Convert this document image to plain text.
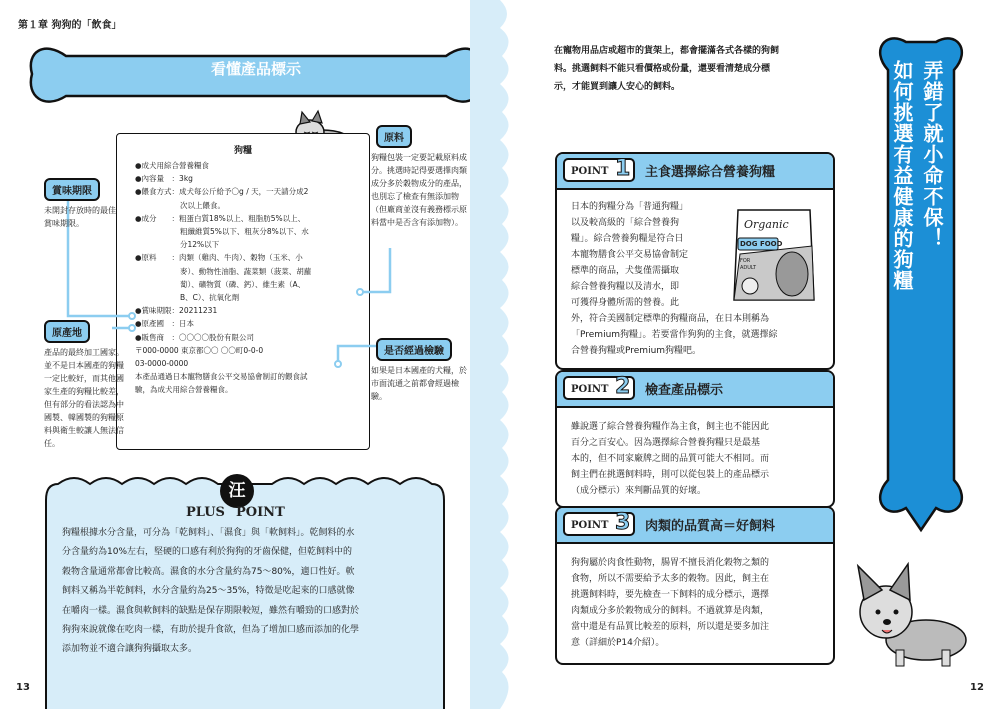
第１章 狗狗的「飲食」
看懂產品標示
狗糧
●成犬用綜合營養糧食
●內容量　：3kg
●餵食方式：成犬每公斤給予〇g / 天，一天請分成2
　　　　　　次以上餵食。
●成分　　：粗蛋白質18%以上、粗脂肪5%以上、
　　　　　　粗纖維質5%以下、粗灰分8%以下、水
　　　　　　分12%以下
●原料　　：肉類（雞肉、牛肉）、穀物（玉米、小
　　　　　　麥）、動物性油脂、蔬菜類（菠菜、胡蘿
　　　　　　蔔）、礦物質（磷、鈣）、維生素（A、
　　　　　　B、C）、抗氧化劑
●賞味期限：20211231
●原產國　：日本
●販售商　：〇〇〇〇股份有限公司
〒000-0000 東京都〇〇 〇〇町0-0-0
03-0000-0000
本產品通過日本寵物膳食公平交易協會制訂的餵食試
驗，為成犬用綜合營養糧食。
賞味期限
未開封存放時的最佳賞味期限。
原產地
產品的最終加工國家。並不是日本國產的狗糧一定比較好，而其他國家生產的狗糧比較差，但有部分的看法認為中國製、韓國製的狗糧原料與衛生較讓人無法信任。
原料
狗糧包裝一定要記載原料成分。挑選時記得要選擇肉類成分多於穀物成分的產品，也別忘了檢查有無添加物（但廠商並沒有義務標示原料當中是否含有添加物）。
是否經過檢驗
如果是日本國產的犬糧，於市面流通之前都會經過檢驗。
汪
PLUS POINT
狗糧根據水分含量，可分為「乾飼料」、「濕食」與「軟飼料」。乾飼料的水
分含量約為10%左右，堅硬的口感有利於狗狗的牙齒保健，但乾飼料中的
穀物含量通常都會比較高。濕食的水分含量約為75～80%，適口性好。軟
飼料又稱為半乾飼料，水分含量約為25～35%，特徵是吃起來的口感就像
在嚼肉一樣。濕食與軟飼料的缺點是保存期限較短，雖然有嚼勁的口感對於
狗狗來說就像在吃肉一樣，有助於提升食欲，但為了增加口感而添加的化學
添加物並不適合讓狗狗攝取太多。
13
在寵物用品店或超市的貨架上，都會擺滿各式各樣的狗飼
料。挑選飼料不能只看價格或份量，還要看清楚成分標
示，才能買到讓人安心的飼料。	弄錯了就小命不保！
如何挑選有益健康的狗糧
POINT 1 主食選擇綜合營養狗糧
日本的狗糧分為「普通狗糧」
以及較高級的「綜合營養狗
糧」。綜合營養狗糧是符合日
本寵物膳食公平交易協會制定
標準的商品，犬隻僅需攝取
綜合營養狗糧以及清水，即
可獲得身體所需的營養。此
外，符合美國制定標準的狗糧商品，在日本則稱為
「Premium狗糧」。若要當作狗狗的主食，就選擇綜
合營養狗糧或Premium狗糧吧。
Organic
DOG FOOD
FOR ADULT
POINT 2 檢查產品標示
雖說選了綜合營養狗糧作為主食，飼主也不能因此
百分之百安心。因為選擇綜合營養狗糧只是最基
本的，但不同家廠牌之間的品質可能大不相同。而
飼主們在挑選飼料時，則可以從包裝上的產品標示
（成分標示）來判斷品質的好壞。
POINT 3 肉類的品質高＝好飼料
狗狗屬於肉食性動物，腸胃不擅長消化穀物之類的
食物，所以不需要給予太多的穀物。因此，飼主在
挑選飼料時，要先檢查一下飼料的成分標示，選擇
肉類成分多於穀物成分的飼料。不過就算是肉類，
當中還是有品質比較差的原料，所以還是要多加注
意（詳細於P14介紹）。
12
